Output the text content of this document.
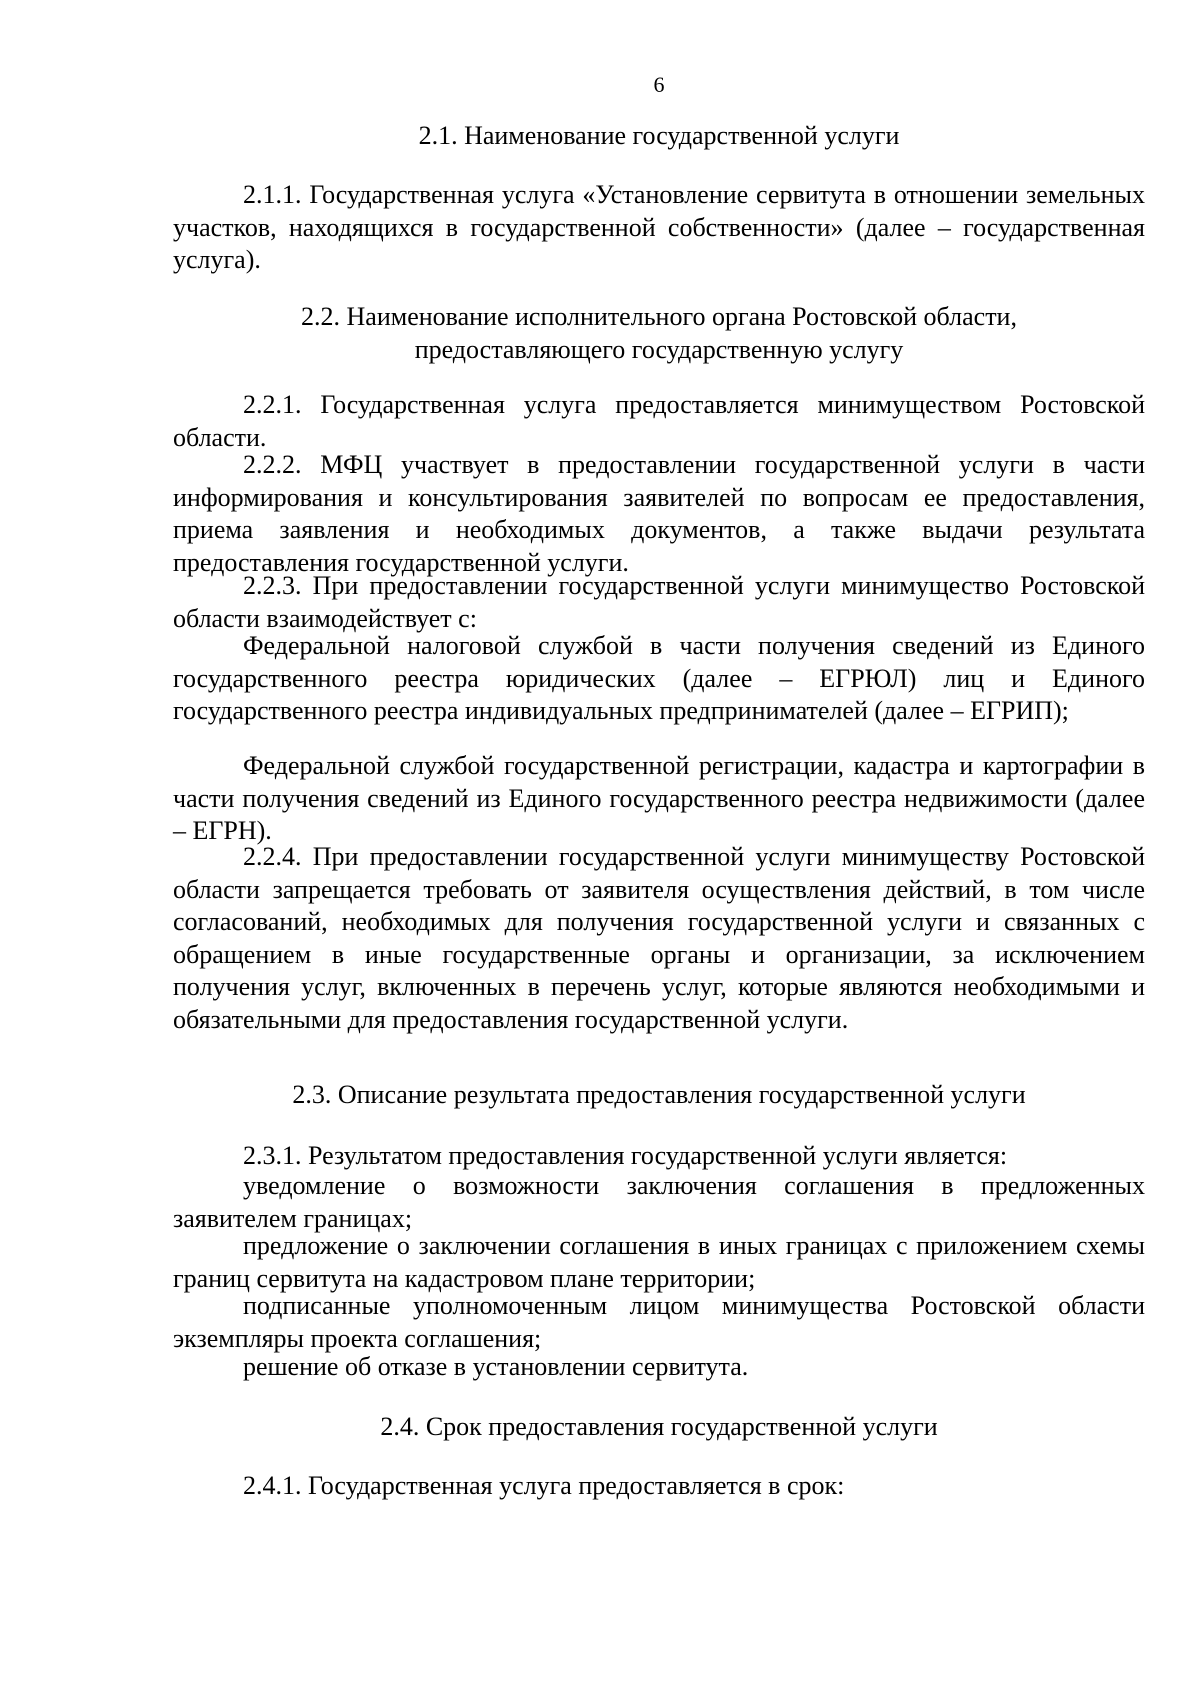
6
2.1. Наименование государственной услуги

2.1.1. Государственная услуга «Установление сервитута в отношении земельных участков, находящихся в государственной собственности» (далее – государственная услуга).

2.2. Наименование исполнительного органа Ростовской области,
предоставляющего государственную услугу

2.2.1. Государственная услуга предоставляется минимуществом Ростовской области.

2.2.2. МФЦ участвует в предоставлении государственной услуги в части информирования и консультирования заявителей по вопросам ее предоставления, приема заявления и необходимых документов, а также выдачи результата предоставления государственной услуги.

2.2.3. При предоставлении государственной услуги минимущество Ростовской области взаимодействует с:

Федеральной налоговой службой в части получения сведений из Единого государственного реестра юридических (далее – ЕГРЮЛ) лиц и Единого государственного реестра индивидуальных предпринимателей (далее – ЕГРИП);

Федеральной службой государственной регистрации, кадастра и картографии в части получения сведений из Единого государственного реестра недвижимости (далее – ЕГРН).

2.2.4. При предоставлении государственной услуги минимуществу Ростовской области запрещается требовать от заявителя осуществления действий, в том числе согласований, необходимых для получения государственной услуги и связанных с обращением в иные государственные органы и организации, за исключением получения услуг, включенных в перечень услуг, которые являются необходимыми и обязательными для предоставления государственной услуги.

2.3. Описание результата предоставления государственной услуги

2.3.1. Результатом предоставления государственной услуги является:

уведомление о возможности заключения соглашения в предложенных заявителем границах;

предложение о заключении соглашения в иных границах с приложением схемы границ сервитута на кадастровом плане территории;

подписанные уполномоченным лицом минимущества Ростовской области экземпляры проекта соглашения;

решение об отказе в установлении сервитута.

2.4. Срок предоставления государственной услуги

2.4.1. Государственная услуга предоставляется в срок:
